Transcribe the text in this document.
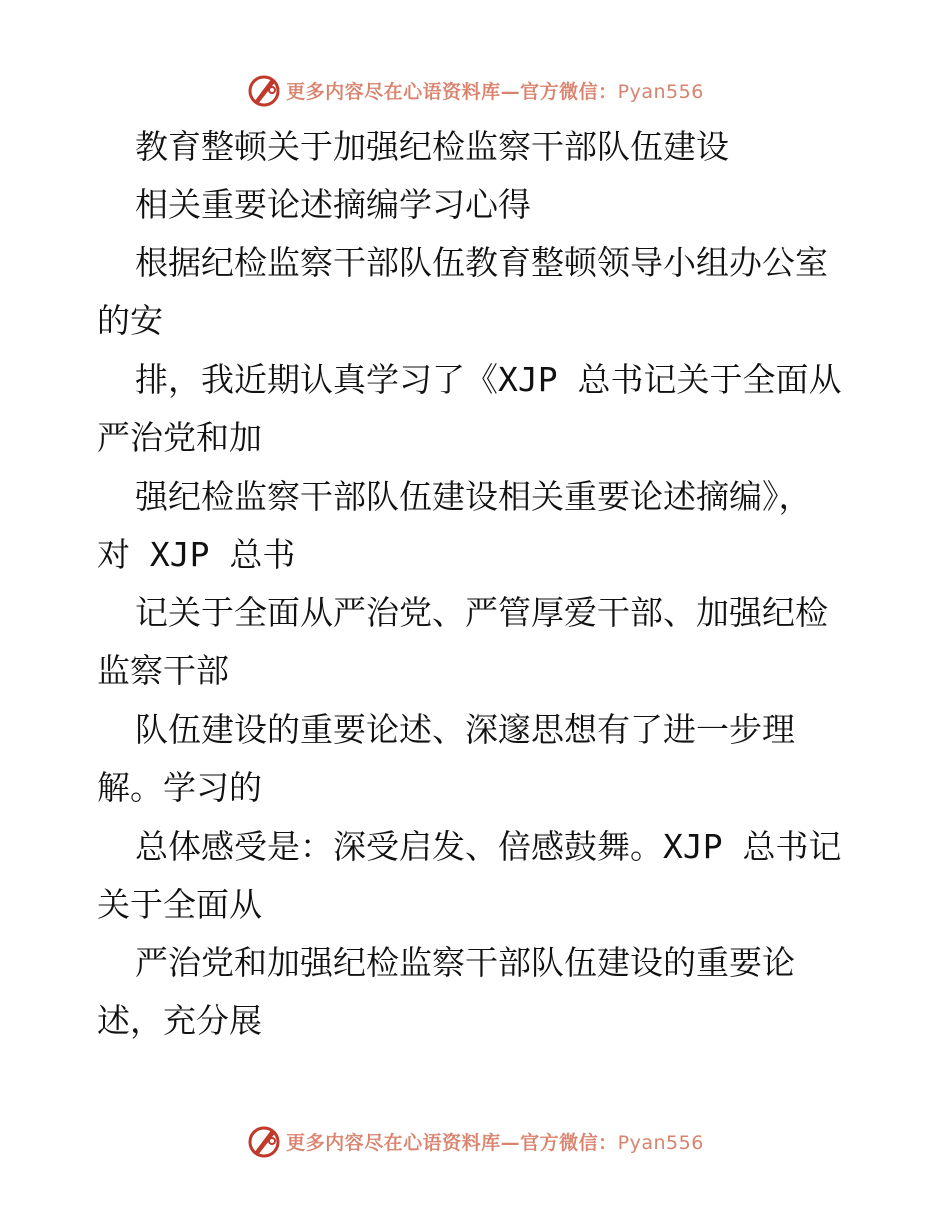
更多内容尽在心语资料库—官方微信：Pyan556

教育整顿关于加强纪检监察干部队伍建设

相关重要论述摘编学习心得

根据纪检监察干部队伍教育整顿领导小组办公室

的安

排，我近期认真学习了《XJP 总书记关于全面从

严治党和加

强纪检监察干部队伍建设相关重要论述摘编》，

对 XJP 总书

记关于全面从严治党、严管厚爱干部、加强纪检

监察干部

队伍建设的重要论述、深邃思想有了进一步理

解。学习的

总体感受是：深受启发、倍感鼓舞。XJP 总书记

关于全面从

严治党和加强纪检监察干部队伍建设的重要论

述，充分展

更多内容尽在心语资料库—官方微信：Pyan556
